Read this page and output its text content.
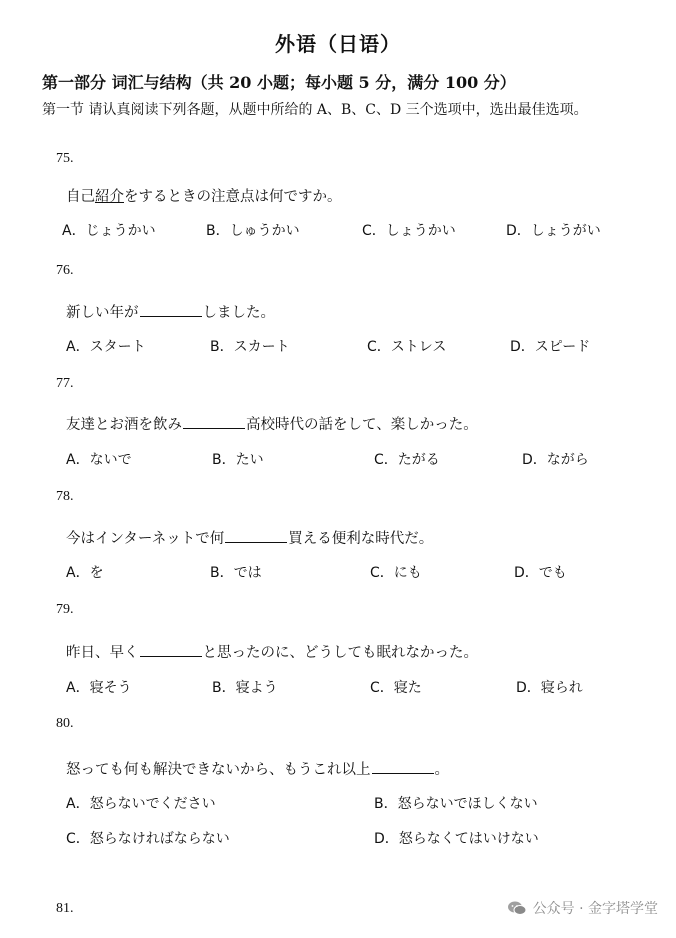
外语（日语）
第一部分 词汇与结构（共 20 小题；每小题 5 分，满分 100 分）
第一节 请认真阅读下列各题，从题中所给的 A、B、C、D 三个选项中，选出最佳选项。
75.
自己紹介をするときの注意点は何ですか。
A．じょうかい	B．しゅうかい	C．しょうかい	D．しょうがい
76.
新しい年が	しました。
A．スタート	B．スカート	C．ストレス	D．スピード
77.
友達とお酒を飲み	高校時代の話をして、楽しかった。
A．ないで	B．たい	C．たがる	D．ながら
78.
今はインターネットで何	買える便利な時代だ。
A．を	B．では	C．にも	D．でも
79.
昨日、早く	と思ったのに、どうしても眠れなかった。
A．寝そう	B．寝よう	C．寝た	D．寝られ
80.
怒っても何も解決できないから、もうこれ以上	。
A．怒らないでください	B．怒らないでほしくない
C．怒らなければならない	D．怒らなくてはいけない
81.	公众号 · 金字塔学堂
